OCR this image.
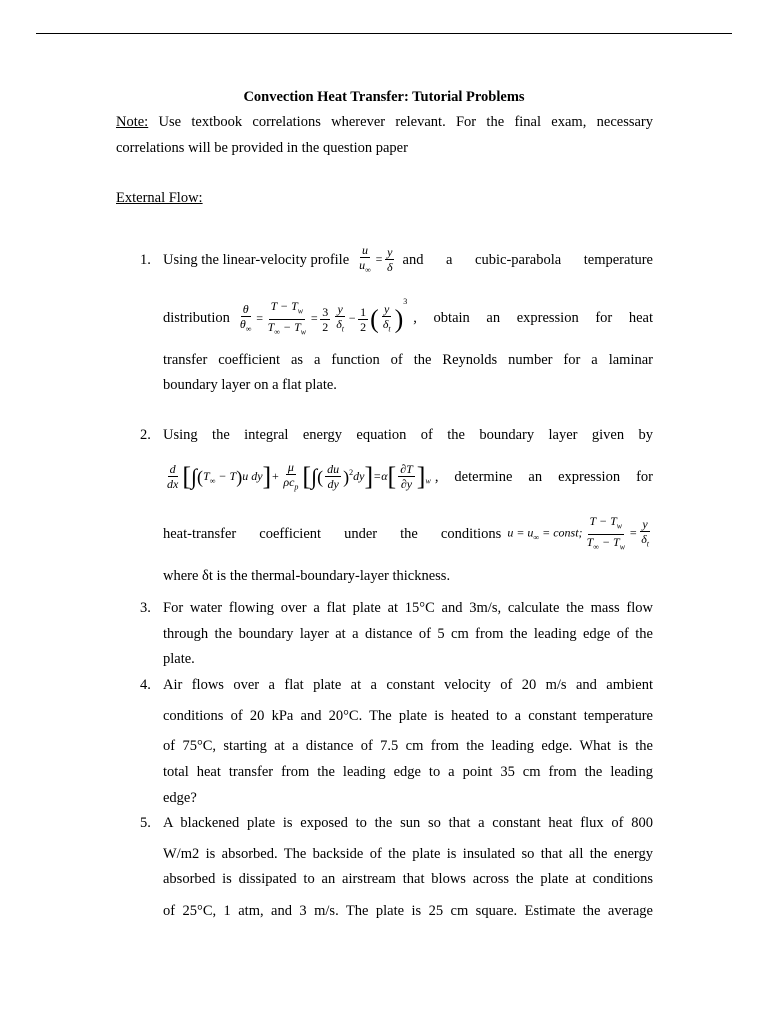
Convection Heat Transfer: Tutorial Problems
Note: Use textbook correlations wherever relevant. For the final exam, necessary
correlations will be provided in the question paper
External Flow:
1. Using the linear-velocity profile $\frac{u}{u_\infty} = \frac{y}{\delta}$ and a cubic-parabola temperature
distribution $\frac{\theta}{\theta_\infty} = \frac{T - T_w}{T_\infty - T_w} = \frac{3}{2} \frac{y}{\delta_t} - \frac{1}{2}$ ( $\frac{y}{\delta_t} )^3$
, obtain an expression for heat
transfer coefficient as a function of the Reynolds number for a laminar
boundary layer on a flat plate.
2. Using the integral energy equation of the boundary layer given by
$\frac{d}{dx} [\int(T_\infty - T)u$ $dy]+ \frac{\mu}{\rho c_p}$ [∫( $\frac{du}{dy} )^2dy]=\alpha[ \frac{\partial T}{\partial y} ]_w$ , determine an expression for
heat-transfer coefficient under the conditions $u = u_\infty$ = const; $\frac{T - T_w}{T_\infty - T_w} = \frac{y}{\delta_t}$
where δt is the thermal-boundary-layer thickness.
3. For water flowing over a flat plate at 15°C and 3m/s, calculate the mass flow
through the boundary layer at a distance of 5 cm from the leading edge of the
plate.
4. Air flows over a flat plate at a constant velocity of 20 m/s and ambient
conditions of 20 kPa and 20°C. The plate is heated to a constant temperature
of 75°C, starting at a distance of 7.5 cm from the leading edge. What is the
total heat transfer from the leading edge to a point 35 cm from the leading
edge?
5. A blackened plate is exposed to the sun so that a constant heat flux of 800
W/m2 is absorbed. The backside of the plate is insulated so that all the energy
absorbed is dissipated to an airstream that blows across the plate at conditions
of 25°C, 1 atm, and 3 m/s. The plate is 25 cm square. Estimate the average
